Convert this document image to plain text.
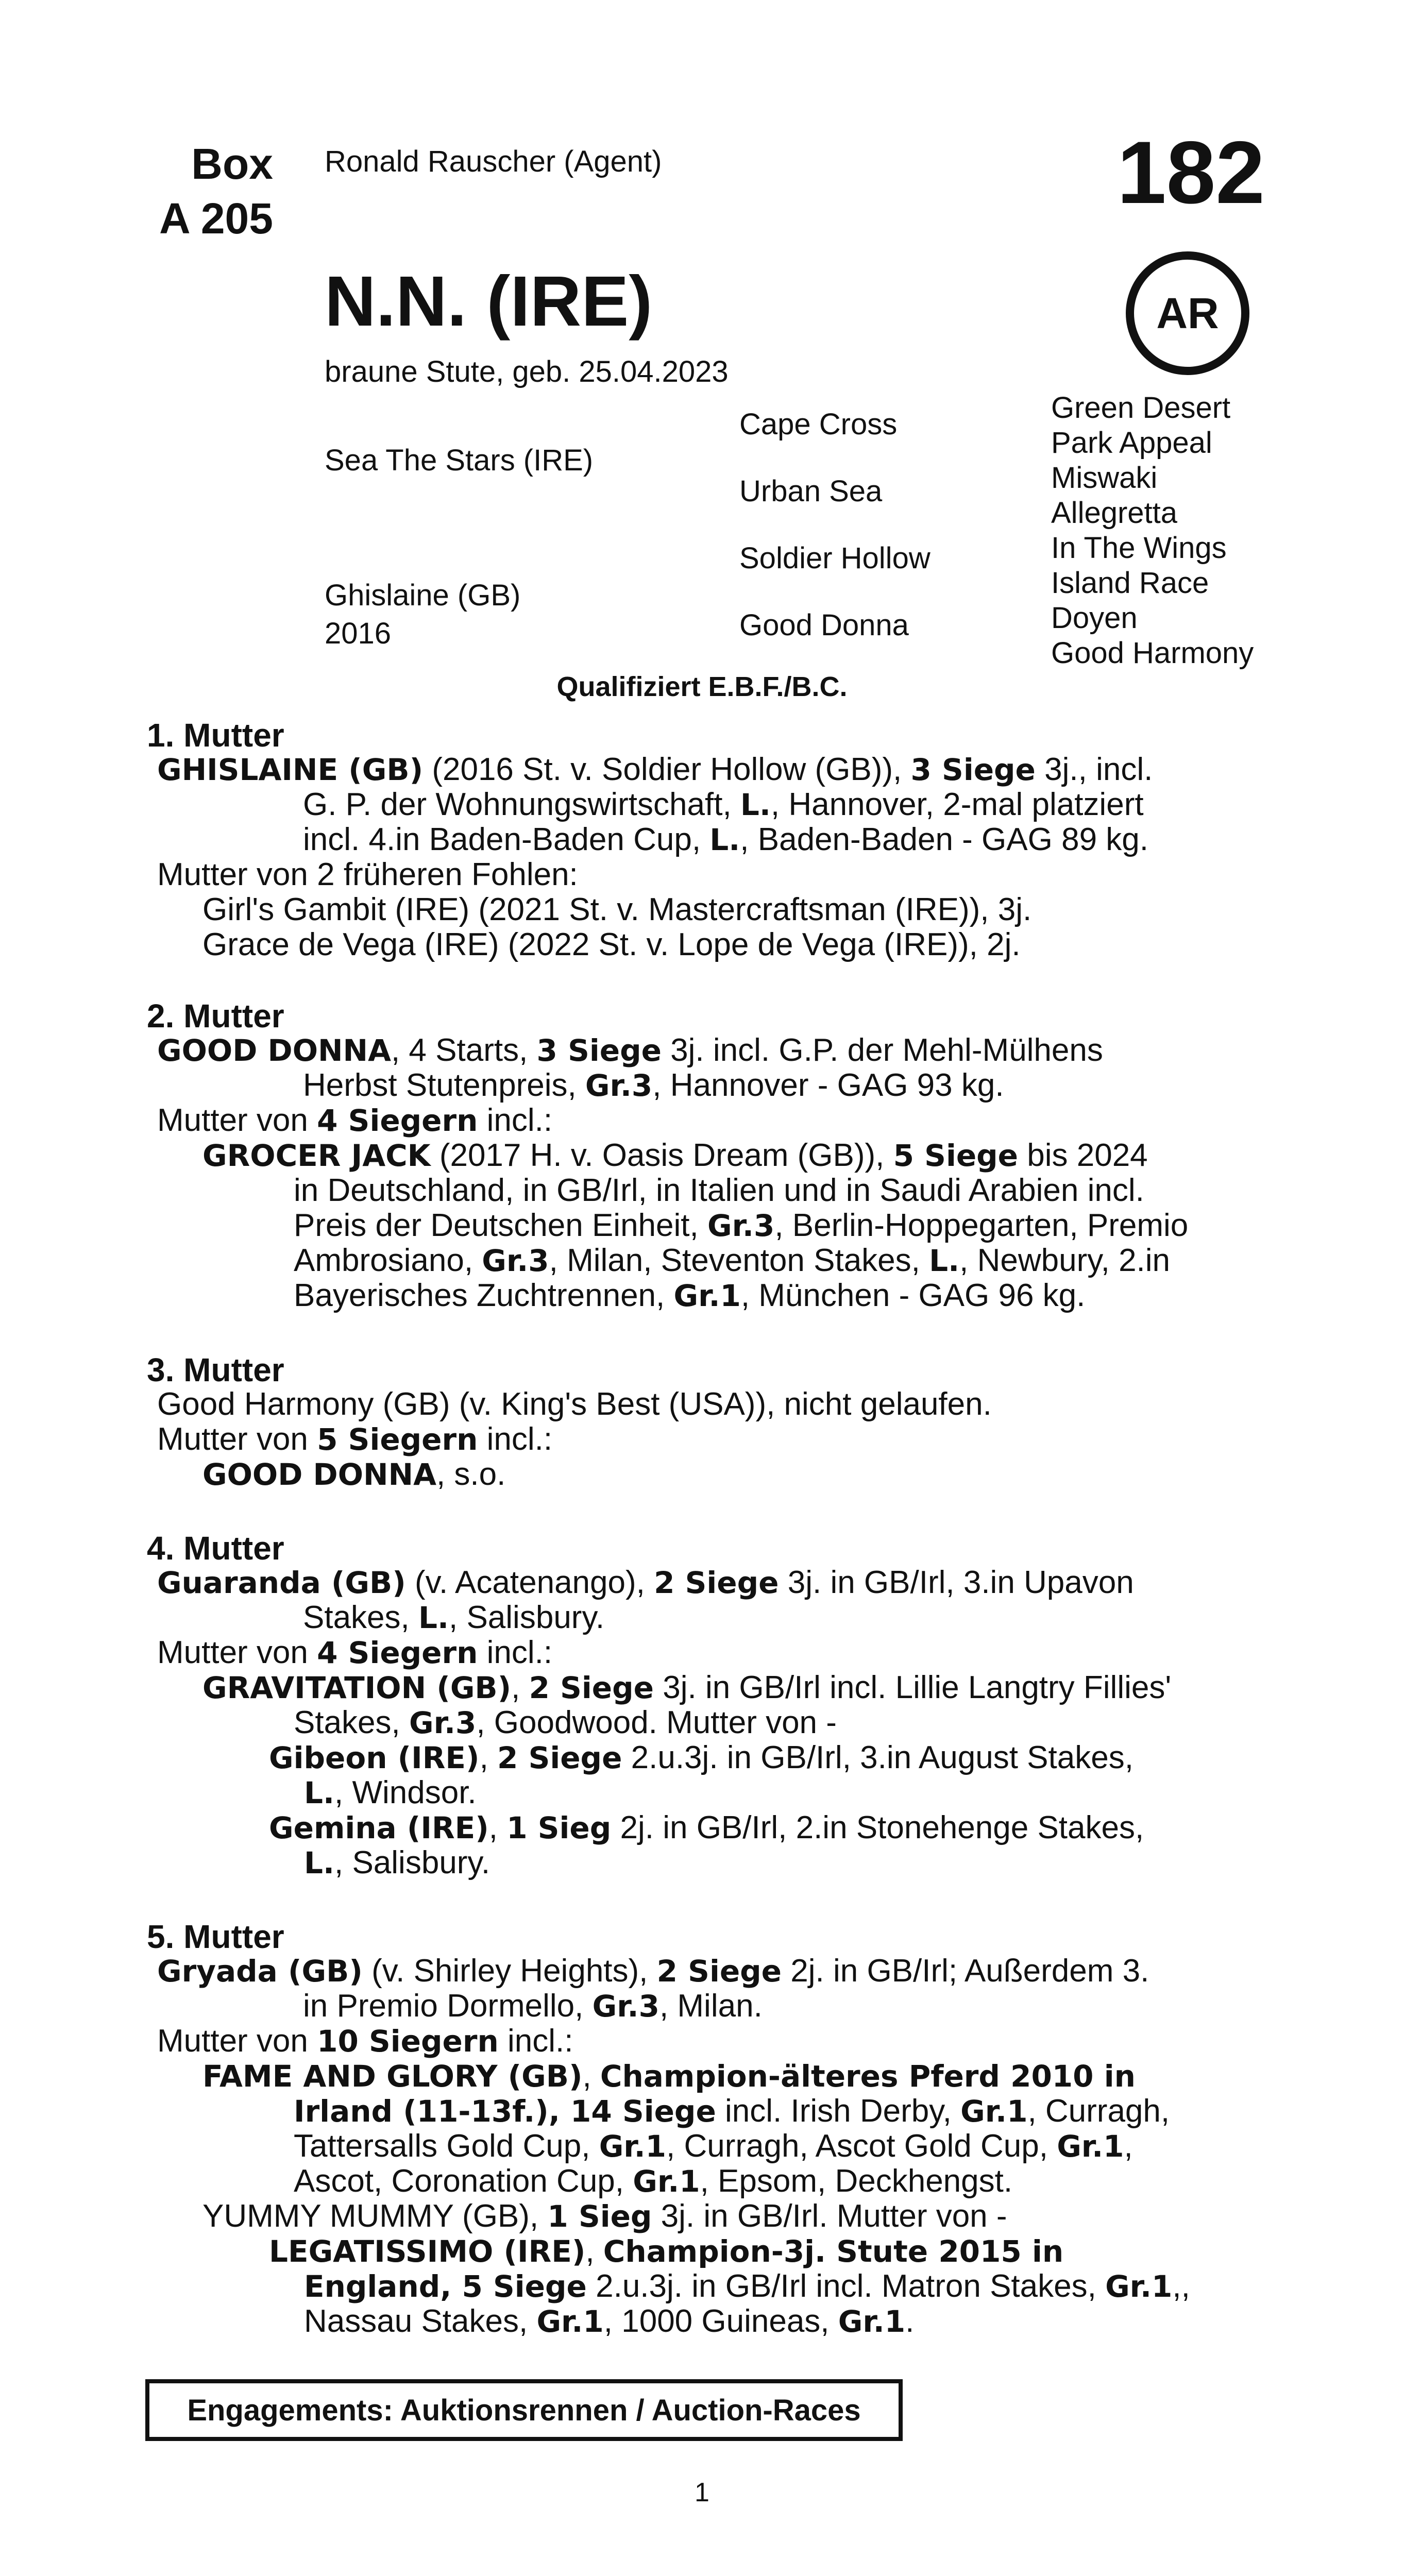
Box
A 205
Ronald Rauscher (Agent)	182
AR
N.N. (IRE)
braune Stute, geb. 25.04.2023
Sea The Stars (IRE)
Ghislaine (GB)
2016
Cape Cross
Urban Sea
Soldier Hollow
Good Donna
Green Desert
Park Appeal
Miswaki
Allegretta
In The Wings
Island Race
Doyen
Good Harmony
Qualifiziert E.B.F./B.C.
1. Mutter
GHISLAINE (GB) (2016 St. v. Soldier Hollow (GB)), 3 Siege 3j., incl.
G. P. der Wohnungswirtschaft, L., Hannover, 2-mal platziert
incl. 4.in Baden-Baden Cup, L., Baden-Baden - GAG 89 kg.
Mutter von 2 früheren Fohlen:
Girl's Gambit (IRE) (2021 St. v. Mastercraftsman (IRE)), 3j.
Grace de Vega (IRE) (2022 St. v. Lope de Vega (IRE)), 2j.
2. Mutter
GOOD DONNA, 4 Starts, 3 Siege 3j. incl. G.P. der Mehl-Mülhens
Herbst Stutenpreis, Gr.3, Hannover - GAG 93 kg.
Mutter von 4 Siegern incl.:
GROCER JACK (2017 H. v. Oasis Dream (GB)), 5 Siege bis 2024
in Deutschland, in GB/Irl, in Italien und in Saudi Arabien incl.
Preis der Deutschen Einheit, Gr.3, Berlin-Hoppegarten, Premio
Ambrosiano, Gr.3, Milan, Steventon Stakes, L., Newbury, 2.in
Bayerisches Zuchtrennen, Gr.1, München - GAG 96 kg.
3. Mutter
Good Harmony (GB) (v. King's Best (USA)), nicht gelaufen.
Mutter von 5 Siegern incl.:
GOOD DONNA, s.o.
4. Mutter
Guaranda (GB) (v. Acatenango), 2 Siege 3j. in GB/Irl, 3.in Upavon
Stakes, L., Salisbury.
Mutter von 4 Siegern incl.:
GRAVITATION (GB), 2 Siege 3j. in GB/Irl incl. Lillie Langtry Fillies'
Stakes, Gr.3, Goodwood. Mutter von -
Gibeon (IRE), 2 Siege 2.u.3j. in GB/Irl, 3.in August Stakes,
L., Windsor.
Gemina (IRE), 1 Sieg 2j. in GB/Irl, 2.in Stonehenge Stakes,
L., Salisbury.
5. Mutter
Gryada (GB) (v. Shirley Heights), 2 Siege 2j. in GB/Irl; Außerdem 3.
in Premio Dormello, Gr.3, Milan.
Mutter von 10 Siegern incl.:
FAME AND GLORY (GB), Champion-älteres Pferd 2010 in
Irland (11-13f.), 14 Siege incl. Irish Derby, Gr.1, Curragh,
Tattersalls Gold Cup, Gr.1, Curragh, Ascot Gold Cup, Gr.1,
Ascot, Coronation Cup, Gr.1, Epsom, Deckhengst.
YUMMY MUMMY (GB), 1 Sieg 3j. in GB/Irl. Mutter von -
LEGATISSIMO (IRE), Champion-3j. Stute 2015 in
England, 5 Siege 2.u.3j. in GB/Irl incl. Matron Stakes, Gr.1,,
Nassau Stakes, Gr.1, 1000 Guineas, Gr.1.
Engagements: Auktionsrennen / Auction-Races
1
